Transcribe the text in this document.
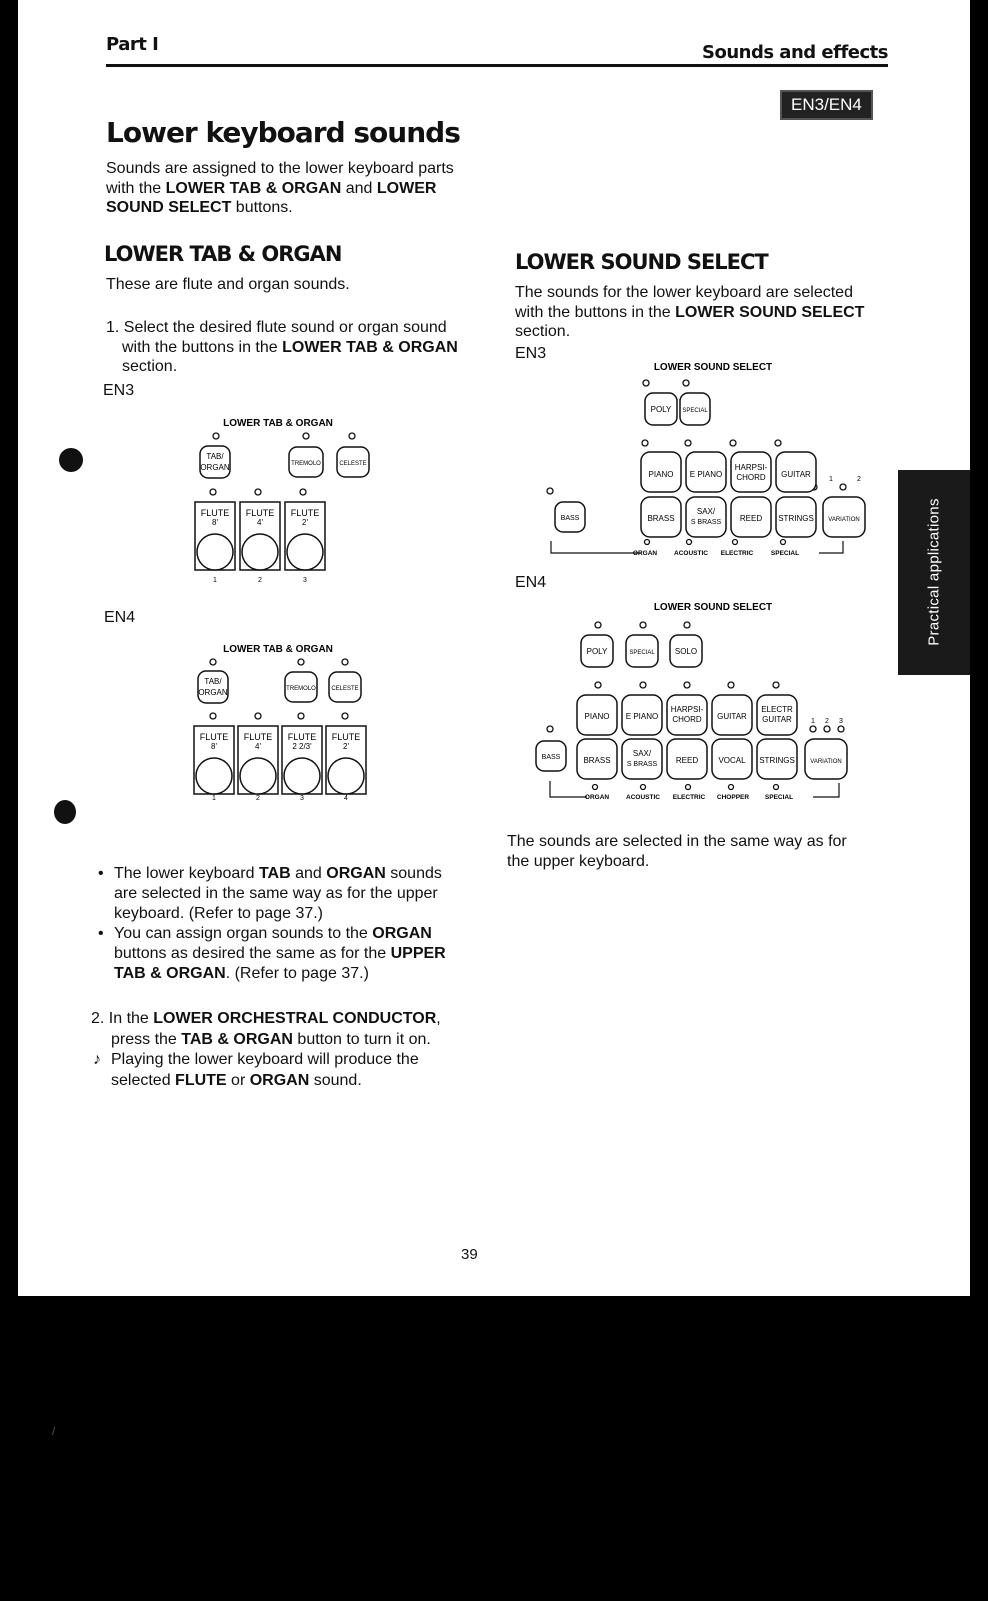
Part I	Sounds and effects
EN3/EN4
Lower keyboard sounds
Sounds are assigned to the lower keyboard parts
with the LOWER TAB & ORGAN and LOWER
SOUND SELECT buttons.
LOWER TAB & ORGAN
These are flute and organ sounds.
1. Select the desired flute sound or organ sound
with the buttons in the LOWER TAB & ORGAN
section.
EN3
LOWER TAB & ORGAN
TAB/
ORGAN	TREMOLO	CELESTE
FLUTE FLUTE FLUTE
8'	4'	2'
1	2	3
EN4
LOWER TAB & ORGAN
TAB/
ORGAN	TREMOLO	CELESTE
FLUTE FLUTE FLUTE FLUTE
8'	4'	2 2/3'	2'
1	2	3	4
• The lower keyboard TAB and ORGAN sounds
are selected in the same way as for the upper
keyboard. (Refer to page 37.)
• You can assign organ sounds to the ORGAN
buttons as desired the same as for the UPPER
TAB & ORGAN. (Refer to page 37.)
2. In the LOWER ORCHESTRAL CONDUCTOR,
press the TAB & ORGAN button to turn it on.
♪ Playing the lower keyboard will produce the
selected FLUTE or ORGAN sound.
LOWER SOUND SELECT
The sounds for the lower keyboard are selected
with the buttons in the LOWER SOUND SELECT
section.
EN3
LOWER SOUND SELECT
POLY SPECIAL
PIANO E PIANO
HARPSI-
CHORD GUITAR
1	2
BASS	BRASS
SAX/
S BRASS REED STRINGS VARIATION
ORGAN	ACOUSTIC ELECTRIC	SPECIAL
EN4
LOWER SOUND SELECT
POLY	SPECIAL	SOLO
PIANO E PIANO
HARPSI-
CHORD GUITAR
ELECTR
GUITAR	1 2 3
BASS	BRASS
SAX/
S BRASS REED	VOCAL STRINGS	VARIATION
ORGAN	ACOUSTIC ELECTRIC CHOPPER SPECIAL
The sounds are selected in the same way as for
the upper keyboard.
Practical applications
39
/
